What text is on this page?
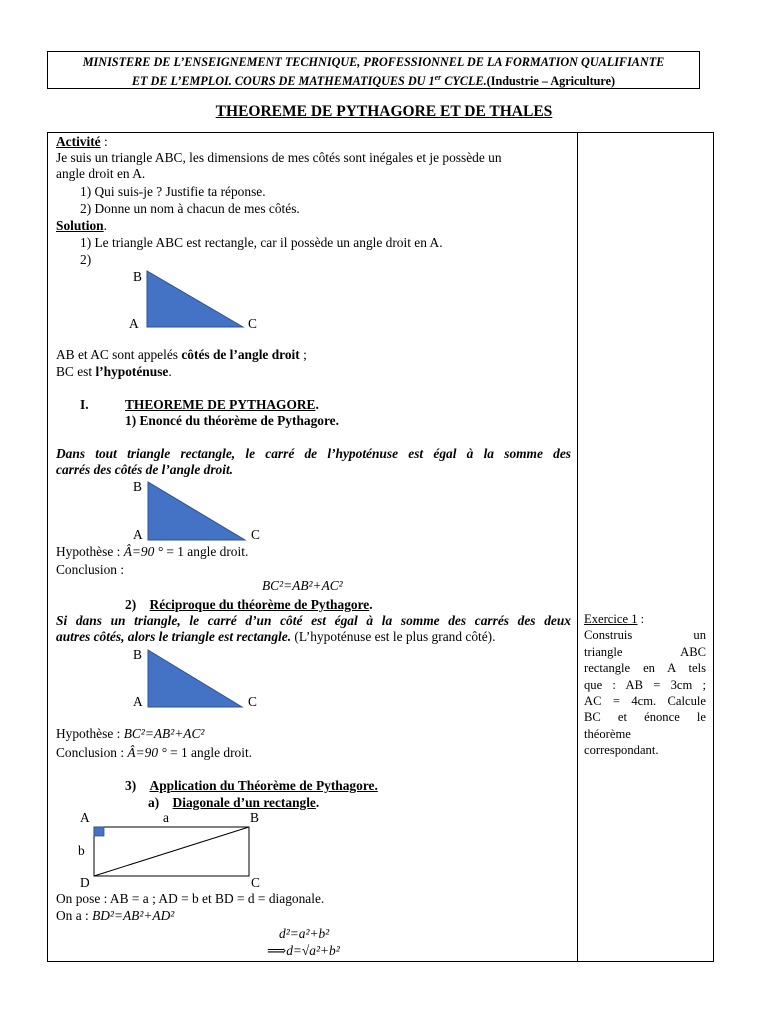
MINISTERE DE L’ENSEIGNEMENT TECHNIQUE, PROFESSIONNEL DE LA FORMATION QUALIFIANTE
ET DE L’EMPLOI. COURS DE MATHEMATIQUES DU 1er CYCLE.(Industrie – Agriculture)
THEOREME DE PYTHAGORE ET DE THALES
Activité :
Je suis un triangle ABC, les dimensions de mes côtés sont inégales et je possède un
angle droit en A.
1) Qui suis-je ? Justifie ta réponse.
2) Donne un nom à chacun de mes côtés.
Solution.
1) Le triangle ABC est rectangle, car il possède un angle droit en A.
2)
B
A	C
AB et AC sont appelés côtés de l’angle droit ;
BC est l’hypoténuse.
I.	THEOREME DE PYTHAGORE.
1) Enoncé du théorème de Pythagore.
Dans tout triangle rectangle, le carré de l’hypoténuse est égal à la somme des
carrés des côtés de l’angle droit.
B
A	C
Hypothèse : Â=90 ° = 1 angle droit.
Conclusion :
BC²=AB²+AC²
2) Réciproque du théorème de Pythagore.
Si dans un triangle, le carré d’un côté est égal à la somme des carrés des deux
autres côtés, alors le triangle est rectangle. (L’hypoténuse est le plus grand côté).
B
A	C
Hypothèse : BC²=AB²+AC²
Conclusion : Â=90 ° = 1 angle droit.
3) Application du Théorème de Pythagore.
a) Diagonale d’un rectangle.
A	a	B
b
D	C
On pose : AB = a ; AD = b et BD = d = diagonale.
On a : BD²=AB²+AD²
d²=a²+b²
⟹d=√a²+b²
Exercice 1 :
Construis un
triangle ABC
rectangle en A tels
que : AB = 3cm ;
AC = 4cm. Calcule
BC et énonce le
théorème
correspondant.
